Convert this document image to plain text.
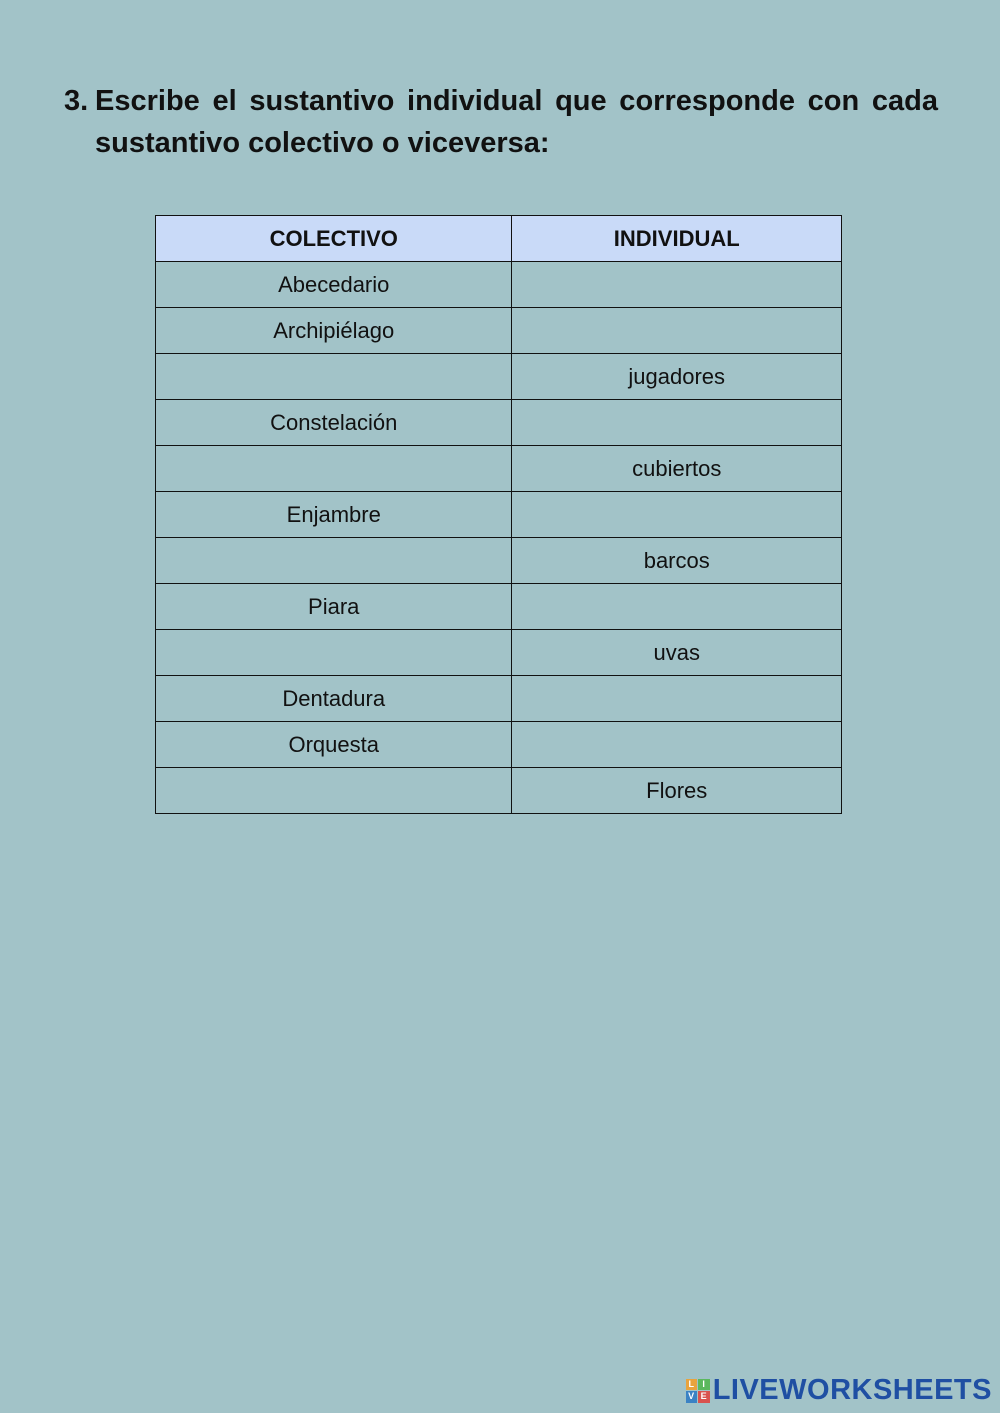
3. Escribe el sustantivo individual que corresponde con cada sustantivo colectivo o viceversa:
COLECTIVO	INDIVIDUAL
Abecedario	
Archipiélago	
	jugadores
Constelación	
	cubiertos
Enjambre	
	barcos
Piara	
	uvas
Dentadura	
Orquesta	
	Flores
L I
V E LIVEWORKSHEETS
